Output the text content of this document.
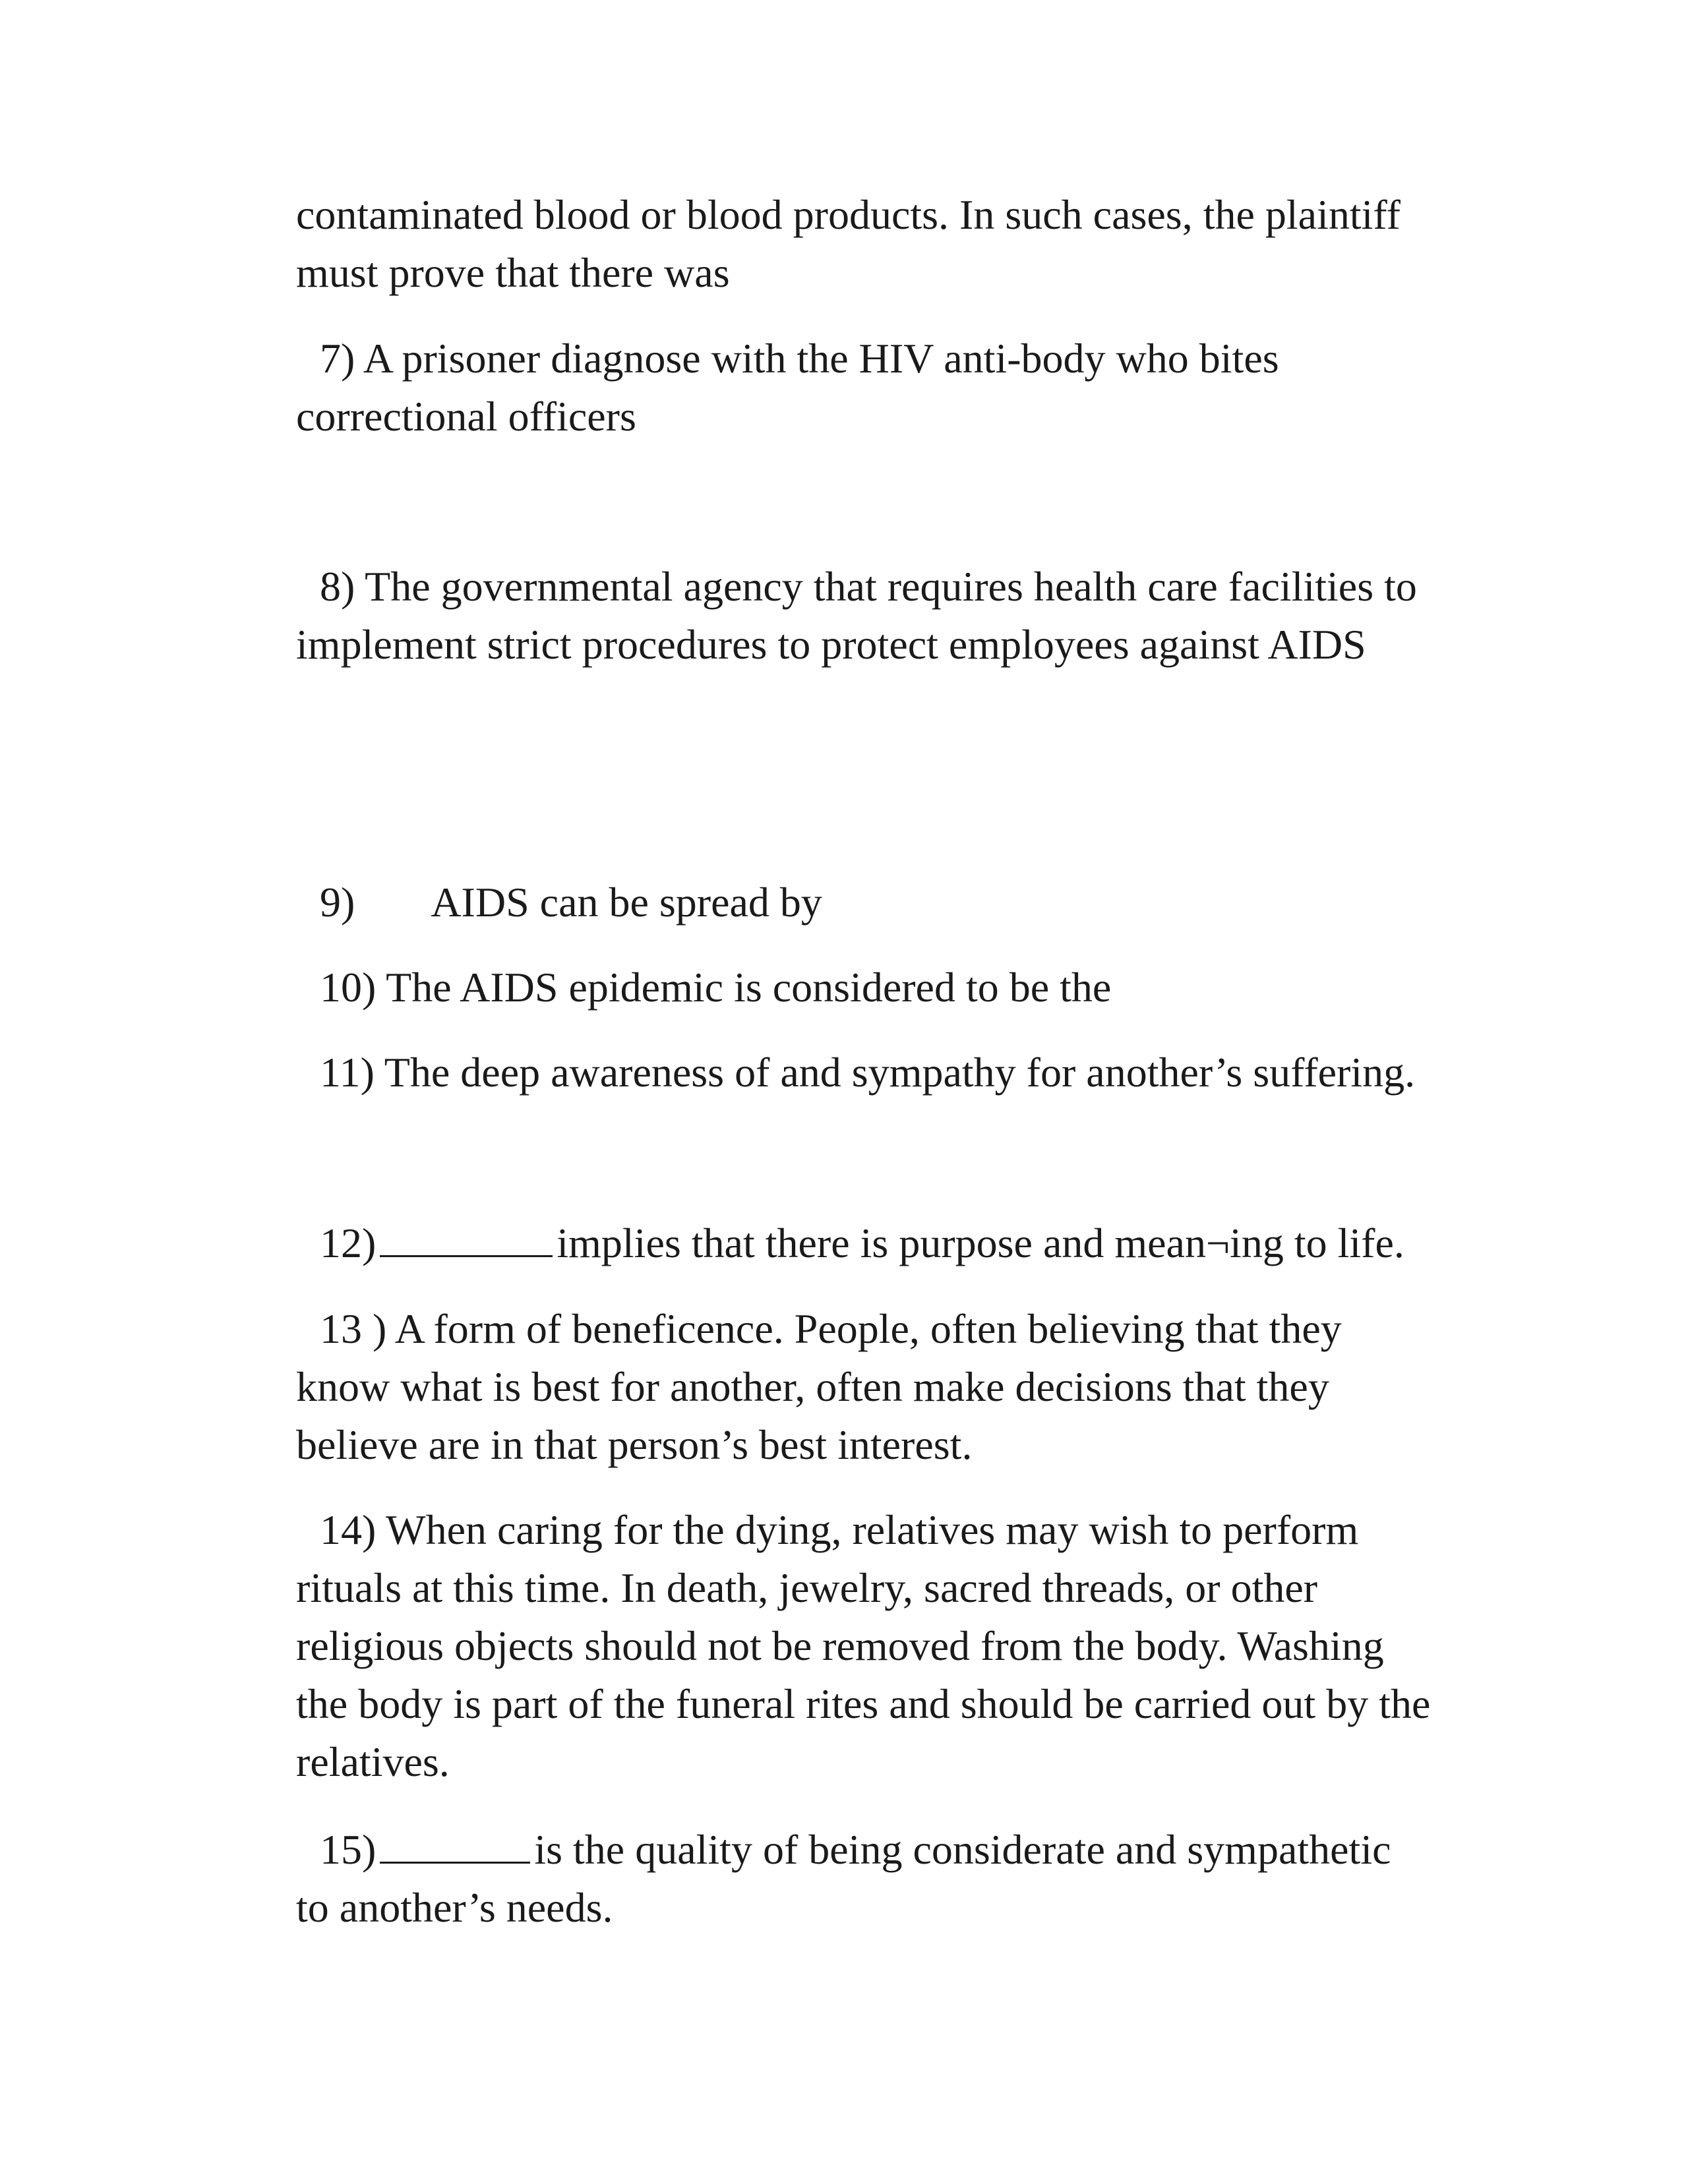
contaminated blood or blood products. In such cases, the plaintiff
must prove that there was

7) A prisoner diagnose with the HIV anti-body who bites
correctional officers

8) The governmental agency that requires health care facilities to
implement strict procedures to protect employees against AIDS

9) AIDS can be spread by

10) The AIDS epidemic is considered to be the

11) The deep awareness of and sympathy for another’s suffering.

12)	implies that there is purpose and mean¬ing to life.

13 ) A form of beneficence. People, often believing that they
know what is best for another, often make decisions that they
believe are in that person’s best interest.

14) When caring for the dying, relatives may wish to perform
rituals at this time. In death, jewelry, sacred threads, or other
religious objects should not be removed from the body. Washing
the body is part of the funeral rites and should be carried out by the
relatives.

15)	is the quality of being considerate and sympathetic
to another’s needs.
